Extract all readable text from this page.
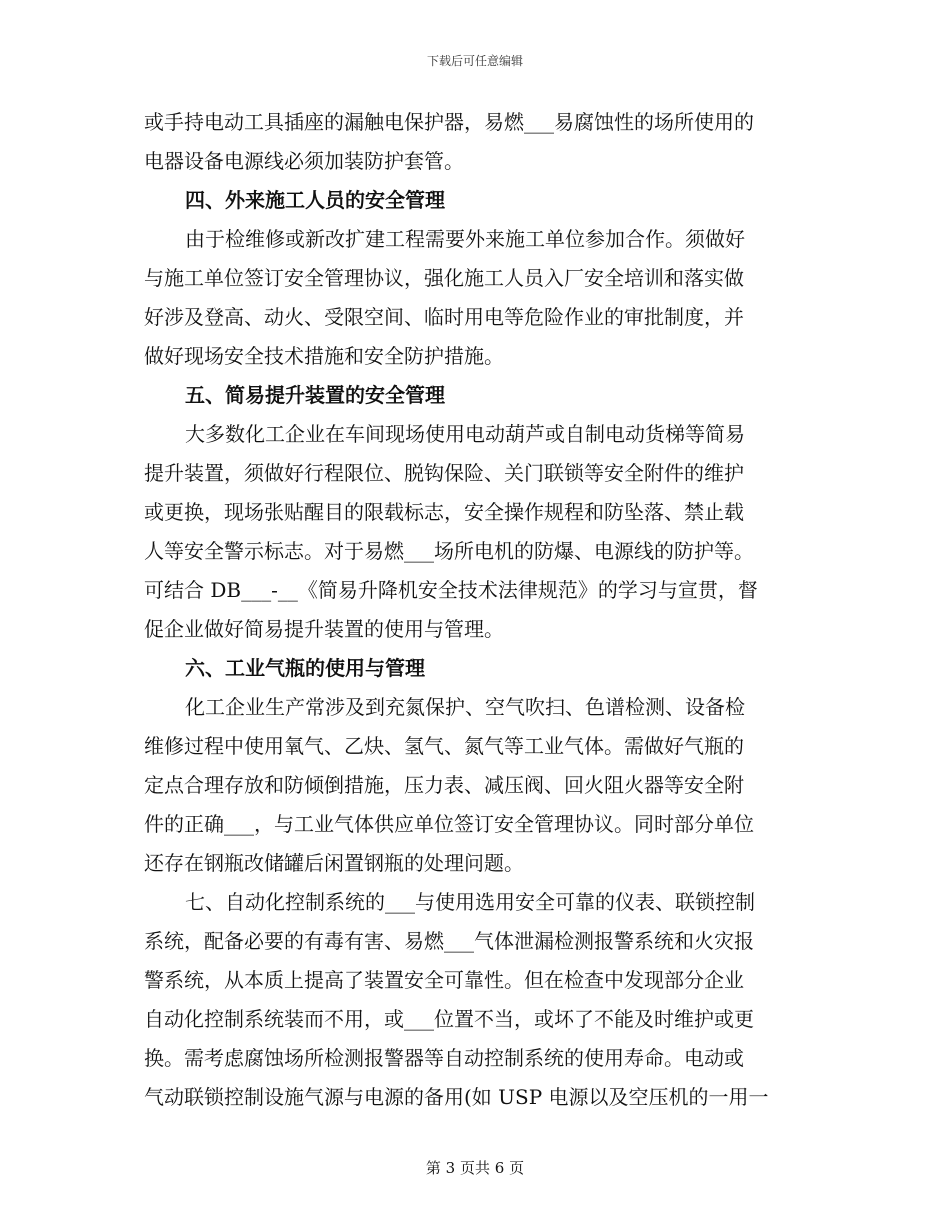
下载后可任意编辑
或手持电动工具插座的漏触电保护器，易燃___易腐蚀性的场所使用的
电器设备电源线必须加装防护套管。
四、外来施工人员的安全管理
由于检维修或新改扩建工程需要外来施工单位参加合作。须做好
与施工单位签订安全管理协议，强化施工人员入厂安全培训和落实做
好涉及登高、动火、受限空间、临时用电等危险作业的审批制度，并
做好现场安全技术措施和安全防护措施。
五、简易提升装置的安全管理
大多数化工企业在车间现场使用电动葫芦或自制电动货梯等简易
提升装置，须做好行程限位、脱钩保险、关门联锁等安全附件的维护
或更换，现场张贴醒目的限载标志，安全操作规程和防坠落、禁止载
人等安全警示标志。对于易燃___场所电机的防爆、电源线的防护等。
可结合 DB___-__《简易升降机安全技术法律规范》的学习与宣贯，督
促企业做好简易提升装置的使用与管理。
六、工业气瓶的使用与管理
化工企业生产常涉及到充氮保护、空气吹扫、色谱检测、设备检
维修过程中使用氧气、乙炔、氢气、氮气等工业气体。需做好气瓶的
定点合理存放和防倾倒措施，压力表、减压阀、回火阻火器等安全附
件的正确___，与工业气体供应单位签订安全管理协议。同时部分单位
还存在钢瓶改储罐后闲置钢瓶的处理问题。
七、自动化控制系统的___与使用选用安全可靠的仪表、联锁控制
系统，配备必要的有毒有害、易燃___气体泄漏检测报警系统和火灾报
警系统，从本质上提高了装置安全可靠性。但在检查中发现部分企业
自动化控制系统装而不用，或___位置不当，或坏了不能及时维护或更
换。需考虑腐蚀场所检测报警器等自动控制系统的使用寿命。电动或
气动联锁控制设施气源与电源的备用(如 USP 电源以及空压机的一用一
第 3 页共 6 页
